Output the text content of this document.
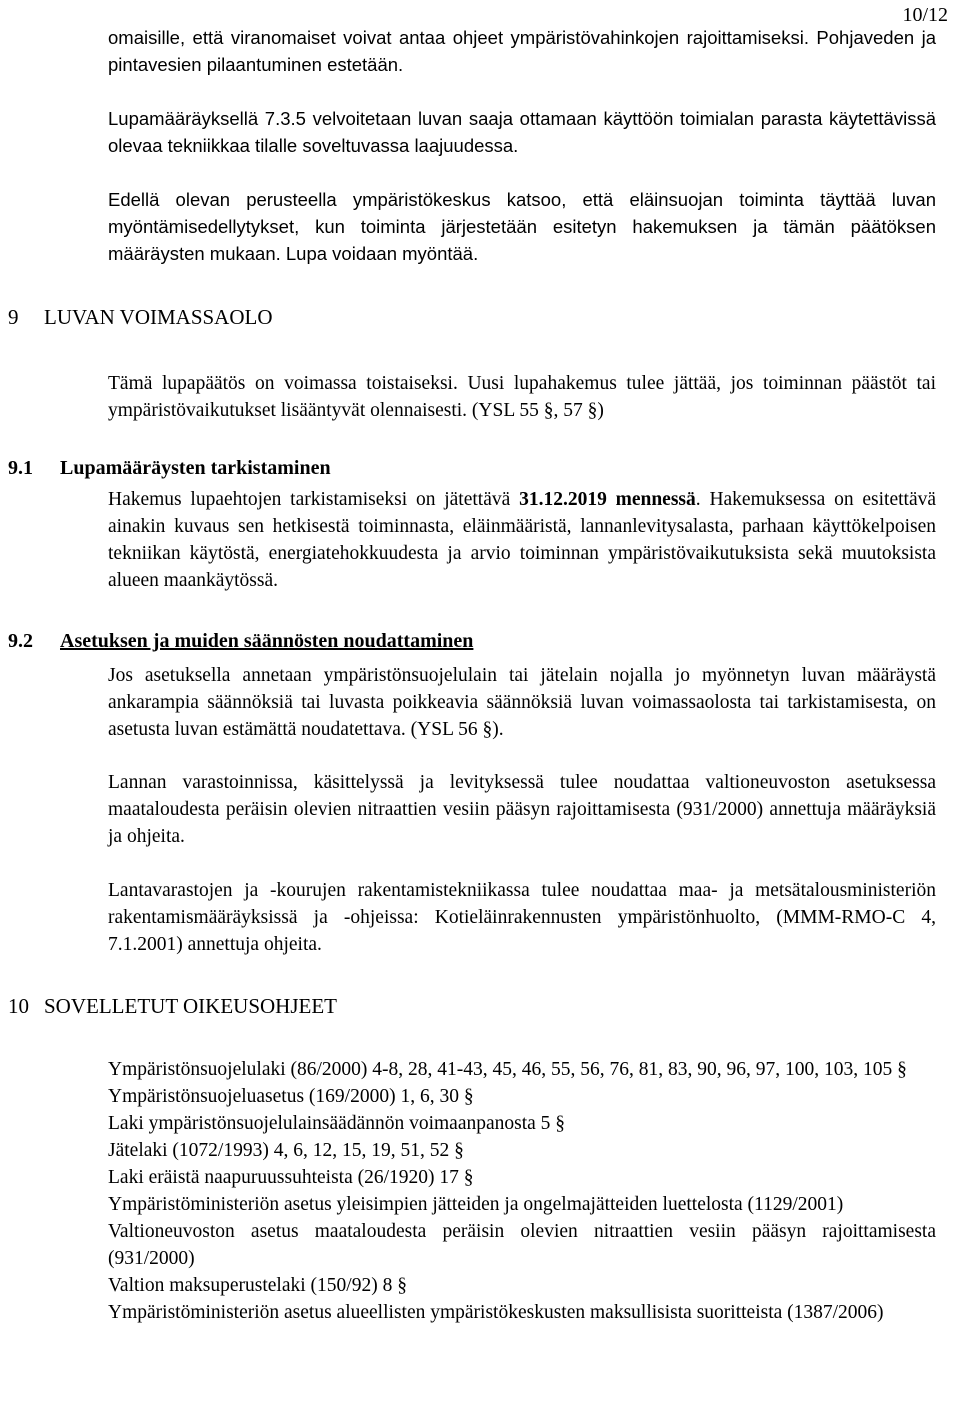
10/12
omaisille, että viranomaiset voivat antaa ohjeet ympäristövahinkojen rajoittamiseksi. Pohjaveden ja pintavesien pilaantuminen estetään.
Lupamääräyksellä 7.3.5 velvoitetaan luvan saaja ottamaan käyttöön toimialan parasta käytettävissä olevaa tekniikkaa tilalle soveltuvassa laajuudessa.
Edellä olevan perusteella ympäristökeskus katsoo, että eläinsuojan toiminta täyttää luvan myöntämisedellytykset, kun toiminta järjestetään esitetyn hakemuksen ja tämän päätöksen määräysten mukaan. Lupa voidaan myöntää.
9 LUVAN VOIMASSAOLO
Tämä lupapäätös on voimassa toistaiseksi. Uusi lupahakemus tulee jättää, jos toiminnan päästöt tai ympäristövaikutukset lisääntyvät olennaisesti. (YSL 55 §, 57 §)
9.1 Lupamääräysten tarkistaminen
Hakemus lupaehtojen tarkistamiseksi on jätettävä 31.12.2019 mennessä. Hakemuksessa on esitettävä ainakin kuvaus sen hetkisestä toiminnasta, eläinmääristä, lannanlevitysalasta, parhaan käyttökelpoisen tekniikan käytöstä, energiatehokkuudesta ja arvio toiminnan ympäristövaikutuksista sekä muutoksista alueen maankäytössä.
9.2 Asetuksen ja muiden säännösten noudattaminen
Jos asetuksella annetaan ympäristönsuojelulain tai jätelain nojalla jo myönnetyn luvan määräystä ankarampia säännöksiä tai luvasta poikkeavia säännöksiä luvan voimassaolosta tai tarkistamisesta, on asetusta luvan estämättä noudatettava. (YSL 56 §).
Lannan varastoinnissa, käsittelyssä ja levityksessä tulee noudattaa valtioneuvoston asetuksessa maataloudesta peräisin olevien nitraattien vesiin pääsyn rajoittamisesta (931/2000) annettuja määräyksiä ja ohjeita.
Lantavarastojen ja -kourujen rakentamistekniikassa tulee noudattaa maa- ja metsätalousministeriön rakentamismääräyksissä ja -ohjeissa: Kotieläinrakennusten ympäristönhuolto, (MMM-RMO-C 4, 7.1.2001) annettuja ohjeita.
10 SOVELLETUT OIKEUSOHJEET
Ympäristönsuojelulaki (86/2000) 4-8, 28, 41-43, 45, 46, 55, 56, 76, 81, 83, 90, 96, 97, 100, 103, 105 §
Ympäristönsuojeluasetus (169/2000) 1, 6, 30 §
Laki ympäristönsuojelulainsäädännön voimaanpanosta 5 §
Jätelaki (1072/1993) 4, 6, 12, 15, 19, 51, 52 §
Laki eräistä naapuruussuhteista (26/1920) 17 §
Ympäristöministeriön asetus yleisimpien jätteiden ja ongelmajätteiden luettelosta (1129/2001)
Valtioneuvoston asetus maataloudesta peräisin olevien nitraattien vesiin pääsyn rajoittamisesta (931/2000)
Valtion maksuperustelaki (150/92) 8 §
Ympäristöministeriön asetus alueellisten ympäristökeskusten maksullisista suoritteista (1387/2006)
